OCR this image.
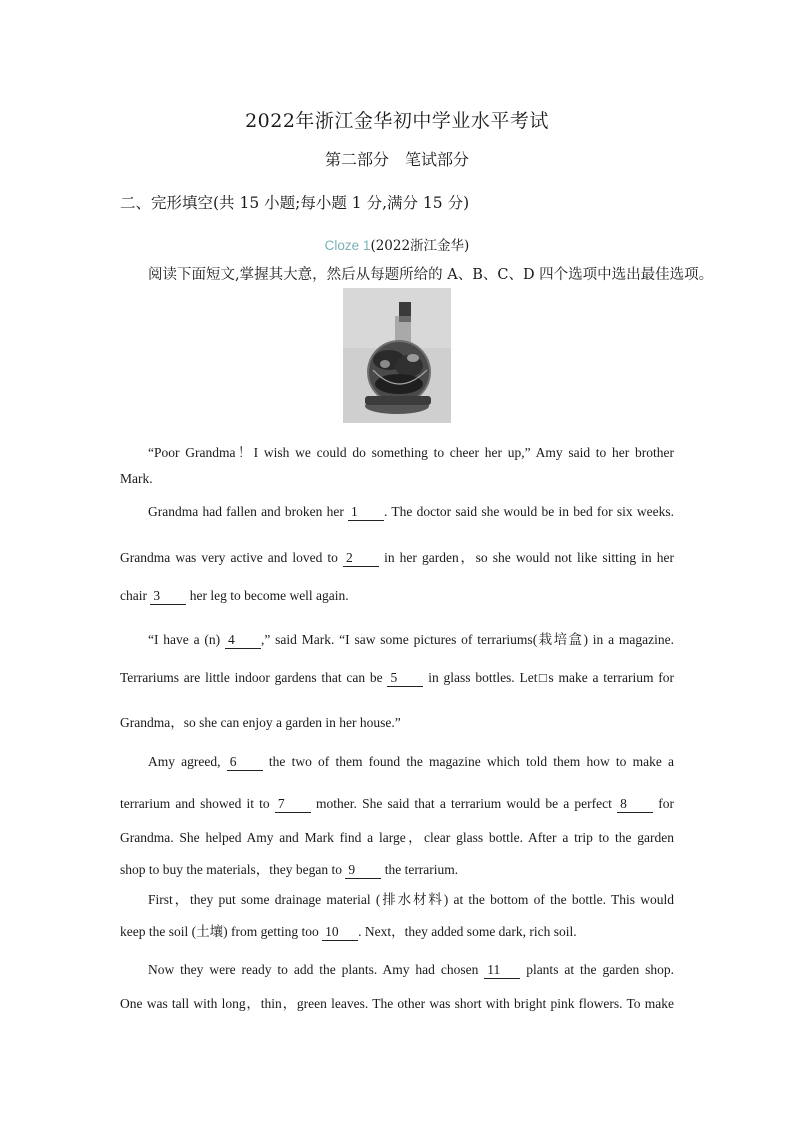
2022年浙江金华初中学业水平考试
第二部分　笔试部分
二、完形填空(共 15 小题;每小题 1 分,满分 15 分)
Cloze 1(2022浙江金华)
阅读下面短文,掌握其大意，然后从每题所给的 A、B、C、D 四个选项中选出最佳选项。
“Poor Grandma！I wish we could do something to cheer her up,” Amy said to her brother
Mark.
Grandma had fallen and broken her 1 . The doctor said she would be in bed for six weeks.
Grandma was very active and loved to 2 in her garden，so she would not like sitting in her
chair 3 her leg to become well again.
“I have a (n) 4 ,” said Mark. “I saw some pictures of terrariums(栽培盒) in a magazine.
Terrariums are little indoor gardens that can be 5 in glass bottles. Let□s make a terrarium for
Grandma，so she can enjoy a garden in her house.”
Amy agreed, 6 the two of them found the magazine which told them how to make a
terrarium and showed it to 7 mother. She said that a terrarium would be a perfect 8 for
Grandma. She helped Amy and Mark find a large，clear glass bottle. After a trip to the garden
shop to buy the materials，they began to 9 the terrarium.
First，they put some drainage material (排水材料) at the bottom of the bottle. This would
keep the soil (土壤) from getting too 10 . Next，they added some dark, rich soil.
Now they were ready to add the plants. Amy had chosen 11 plants at the garden shop.
One was tall with long，thin，green leaves. The other was short with bright pink flowers. To make
